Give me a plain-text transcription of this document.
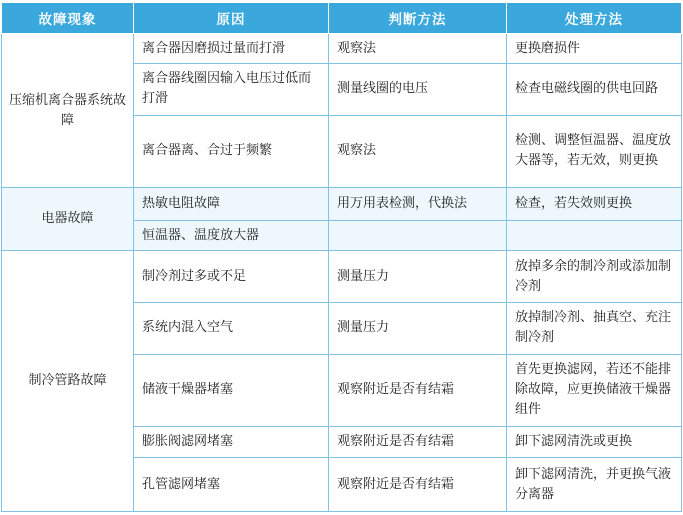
故障现象	原因	判断方法	处理方法
压缩机离合器系统故障	离合器因磨损过量而打滑	观察法	更换磨损件
	离合器线圈因输入电压过低而打滑	测量线圈的电压	检查电磁线圈的供电回路
	离合器离、合过于频繁	观察法	检测、调整恒温器、温度放大器等，若无效，则更换
电器故障	热敏电阻故障	用万用表检测，代换法	检查，若失效则更换
	恒温器、温度放大器		
制冷管路故障	制冷剂过多或不足	测量压力	放掉多余的制冷剂或添加制冷剂
	系统内混入空气	测量压力	放掉制冷剂、抽真空、充注制冷剂
	储液干燥器堵塞	观察附近是否有结霜	首先更换滤网，若还不能排除故障，应更换储液干燥器组件
	膨胀阀滤网堵塞	观察附近是否有结霜	卸下滤网清洗或更换
	孔管滤网堵塞	观察附近是否有结霜	卸下滤网清洗，并更换气液分离器
